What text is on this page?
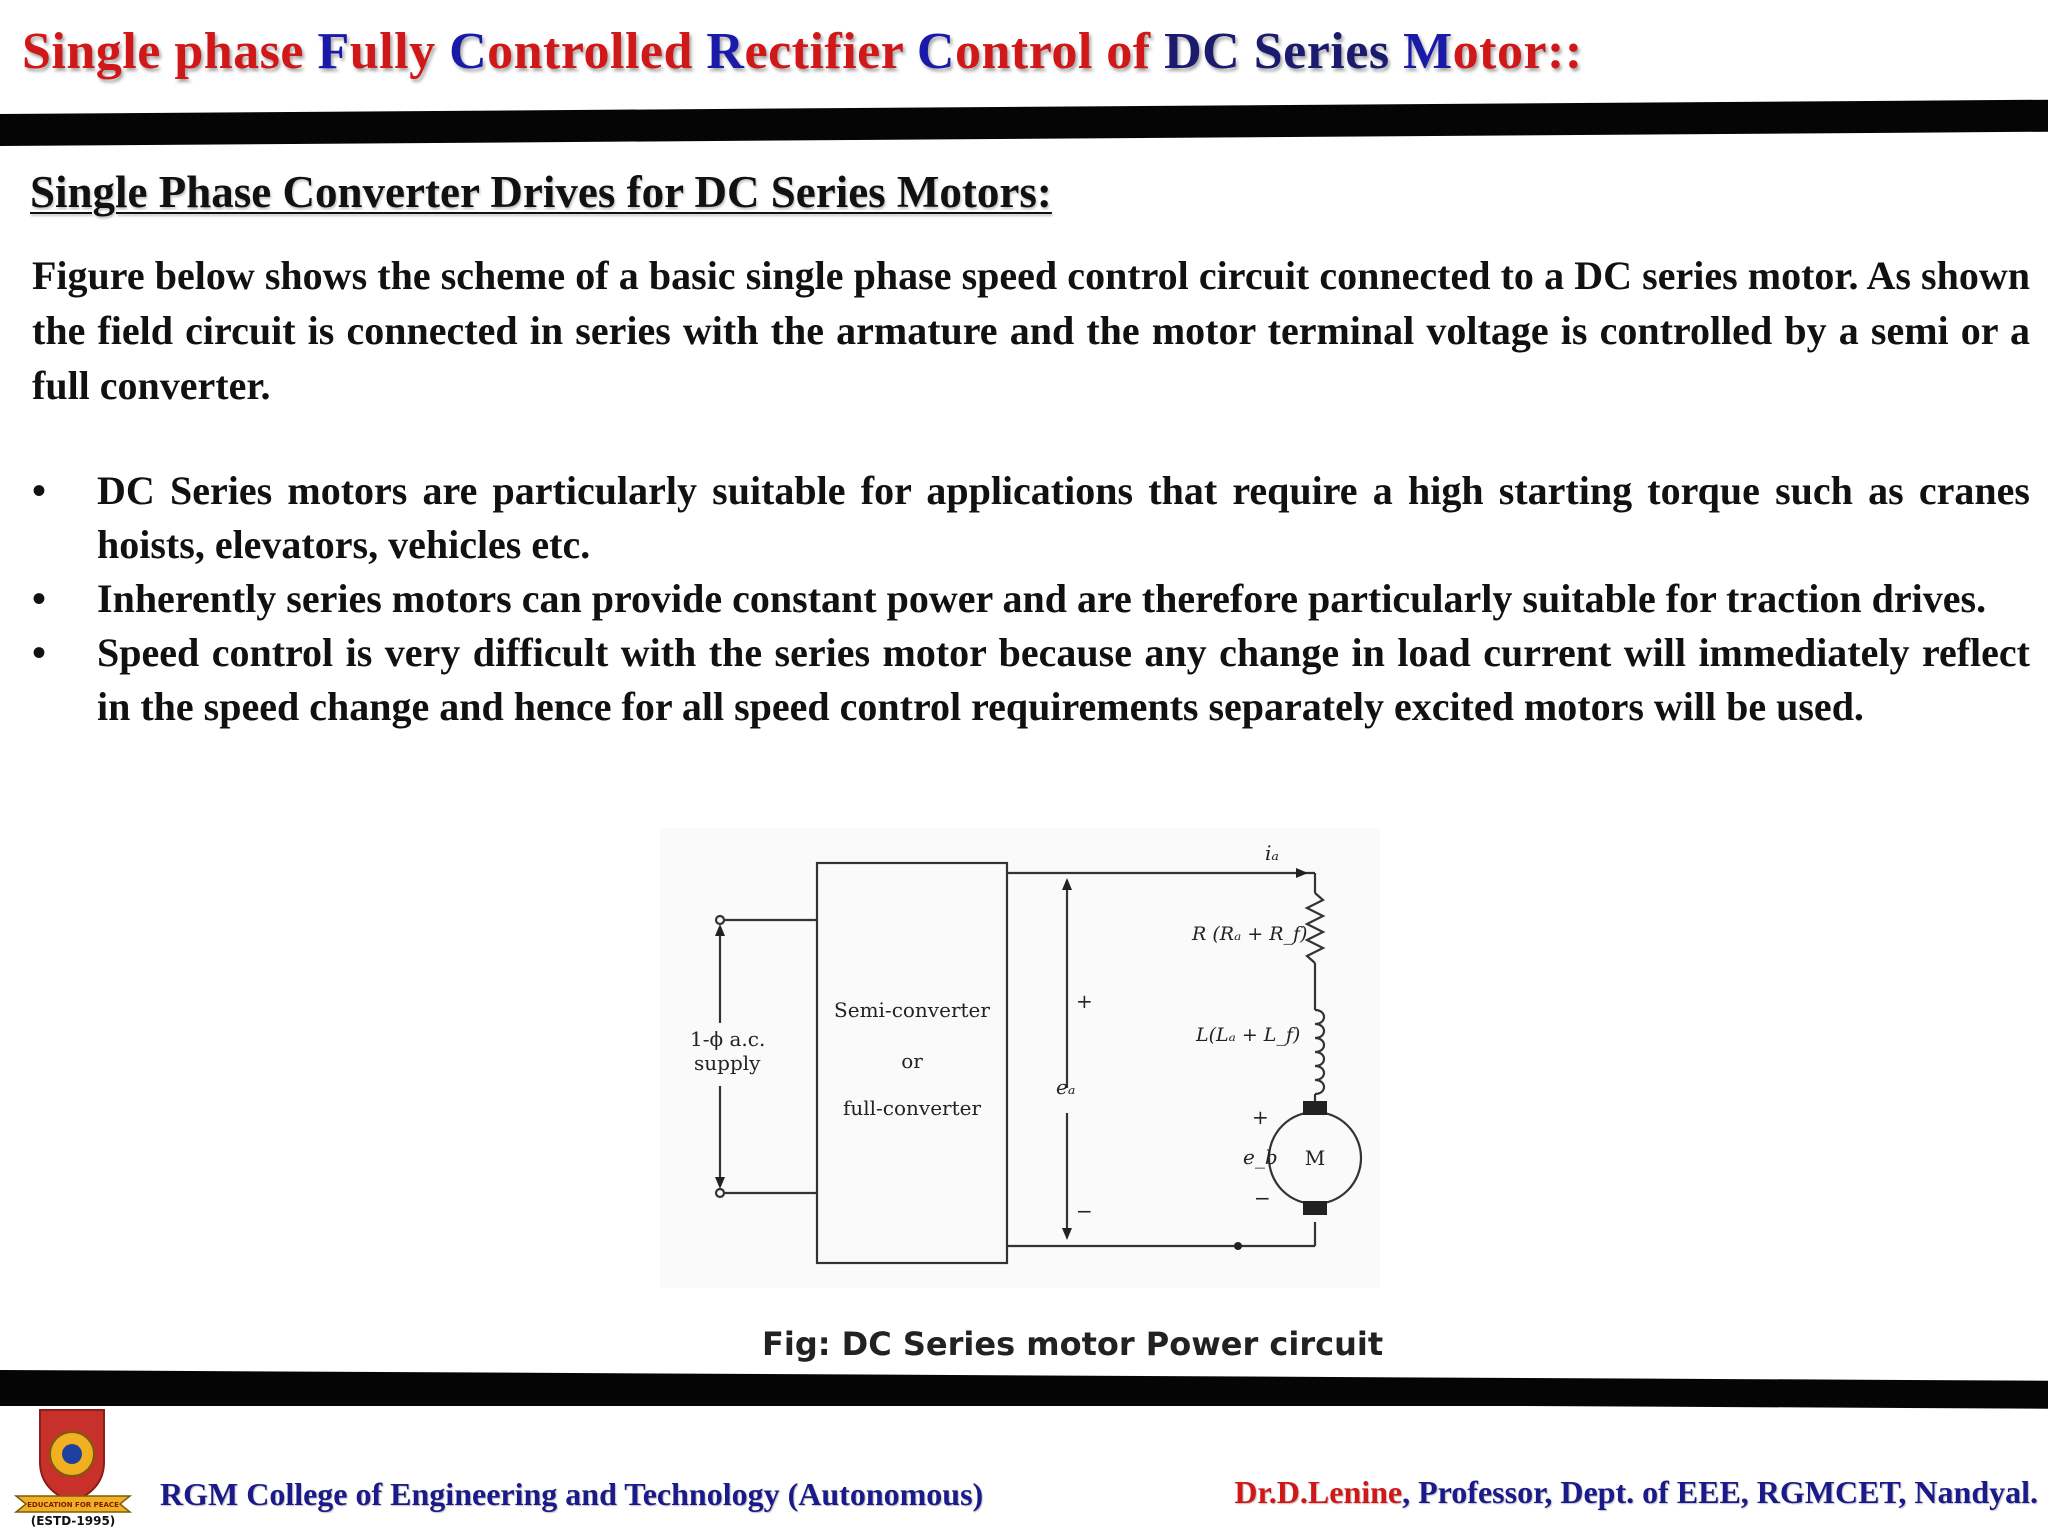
Single phase Fully Controlled Rectifier Control of DC Series Motor::
Single Phase Converter Drives for DC Series Motors:

Figure below shows the scheme of a basic single phase speed control circuit connected to a DC series motor. As shown the field circuit is connected in series with the armature and the motor terminal voltage is controlled by a semi or a full converter.

• DC Series motors are particularly suitable for applications that require a high starting torque such as cranes hoists, elevators, vehicles etc.
• Inherently series motors can provide constant power and are therefore particularly suitable for traction drives.
• Speed control is very difficult with the series motor because any change in load current will immediately reflect in the speed change and hence for all speed control requirements separately excited motors will be used.
1-ϕ a.c.
supply
Semi-converter
or
full-converter
iₐ
R (Rₐ + R_f)
L(Lₐ + L_f)
+
eₐ
−
+
e_b
−
M

Fig: DC Series motor Power circuit

EDUCATION FOR PEACE
(ESTD-1995)

RGM College of Engineering and Technology (Autonomous)	Dr.D.Lenine, Professor, Dept. of EEE, RGMCET, Nandyal.
